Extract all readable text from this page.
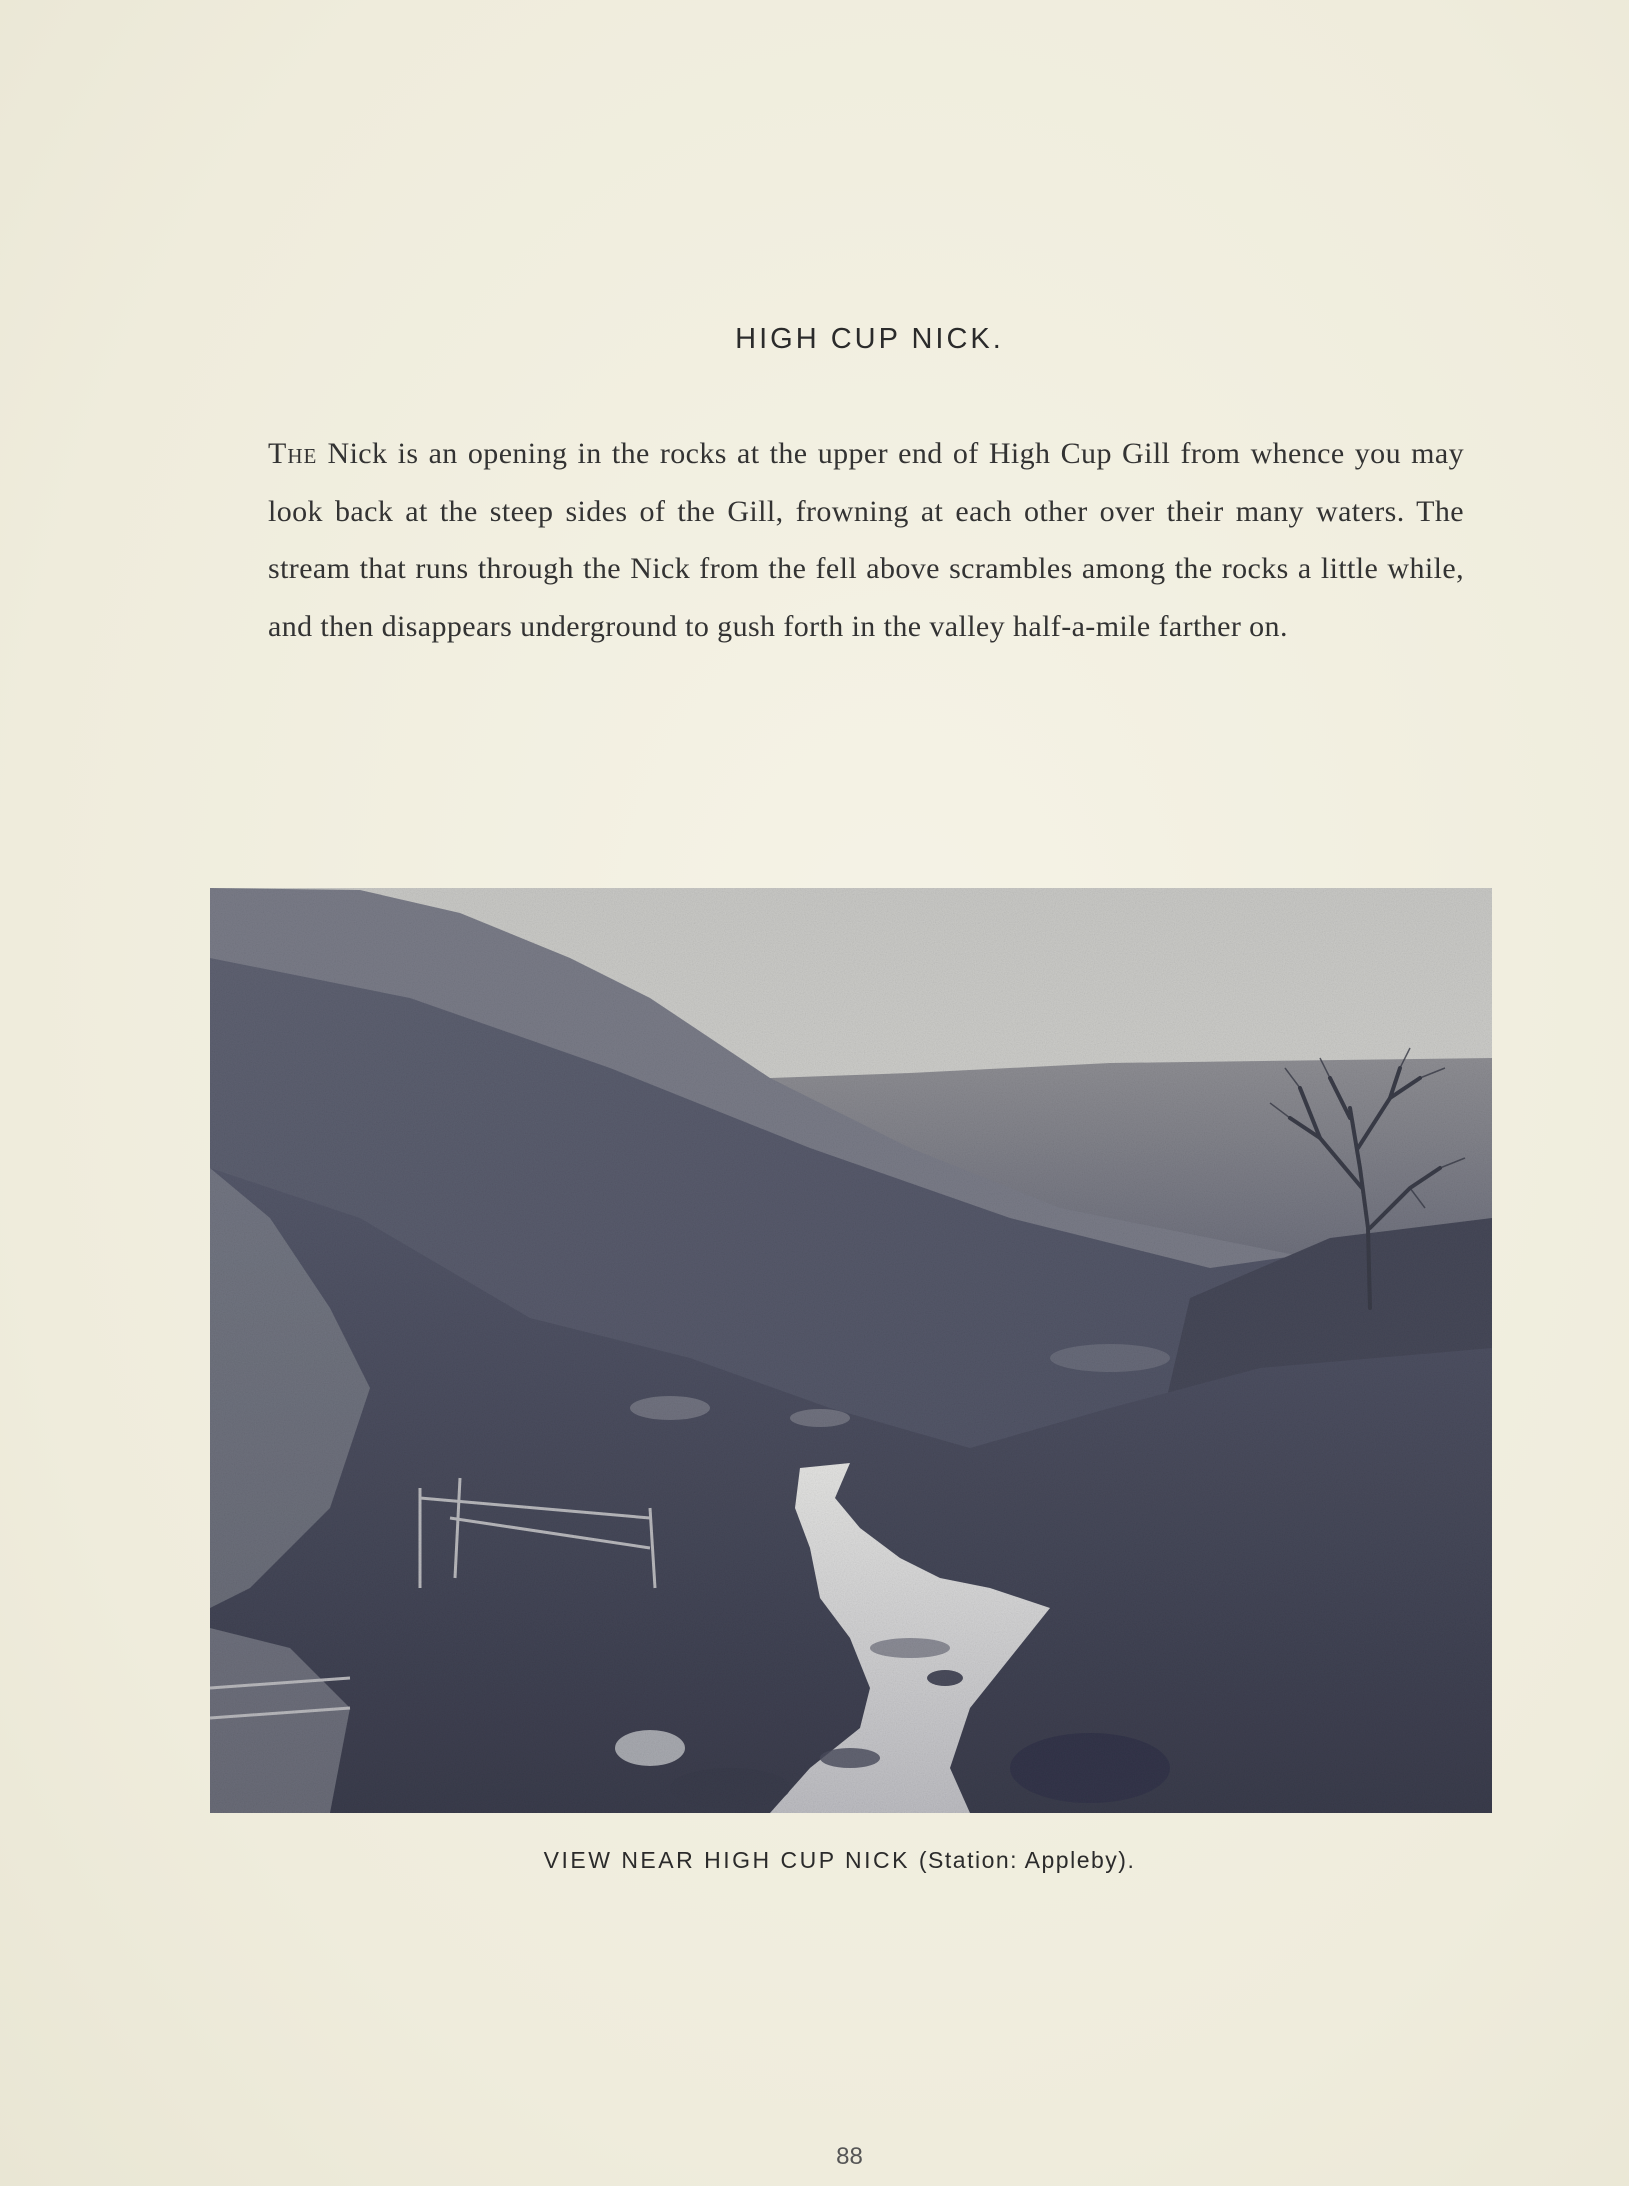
HIGH CUP NICK.

The Nick is an opening in the rocks at the upper end of High Cup Gill from whence you may look back at the steep sides of the Gill, frowning at each other over their many waters. The stream that runs through the Nick from the fell above scrambles among the rocks a little while, and then disappears underground to gush forth in the valley half-a-mile farther on.

VIEW NEAR HIGH CUP NICK (Station: Appleby).

88
